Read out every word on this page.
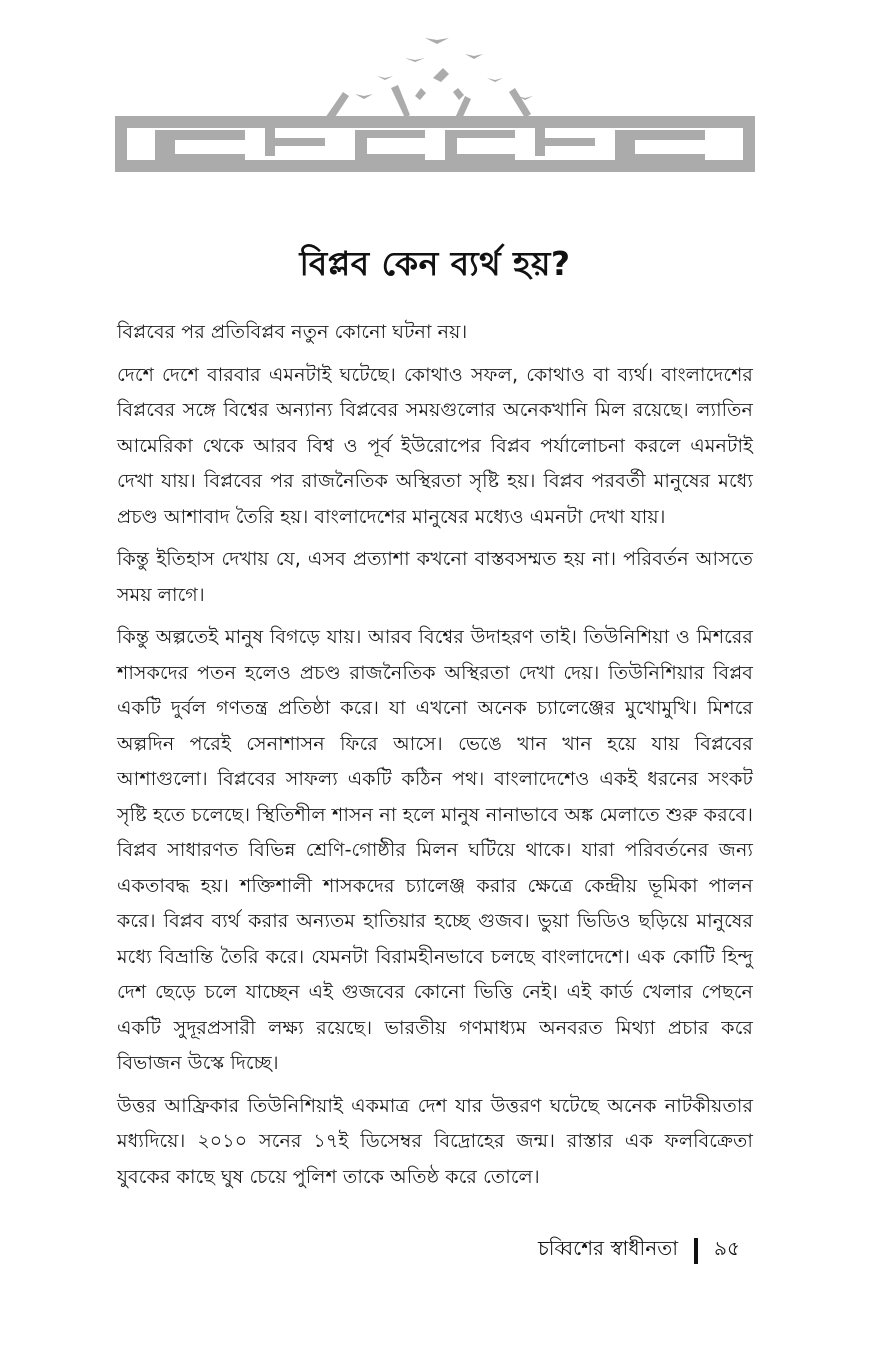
বিপ্লব কেন ব্যর্থ হয়?

বিপ্লবের পর প্রতিবিপ্লব নতুন কোনো ঘটনা নয়।

দেশে দেশে বারবার এমনটাই ঘটেছে। কোথাও সফল, কোথাও বা ব্যর্থ। বাংলাদেশের বিপ্লবের সঙ্গে বিশ্বের অন্যান্য বিপ্লবের সময়গুলোর অনেকখানি মিল রয়েছে। ল্যাতিন আমেরিকা থেকে আরব বিশ্ব ও পূর্ব ইউরোপের বিপ্লব পর্যালোচনা করলে এমনটাই দেখা যায়। বিপ্লবের পর রাজনৈতিক অস্থিরতা সৃষ্টি হয়। বিপ্লব পরবর্তী মানুষের মধ্যে প্রচণ্ড আশাবাদ তৈরি হয়। বাংলাদেশের মানুষের মধ্যেও এমনটা দেখা যায়।

কিন্তু ইতিহাস দেখায় যে, এসব প্রত্যাশা কখনো বাস্তবসম্মত হয় না। পরিবর্তন আসতে সময় লাগে।

কিন্তু অল্পতেই মানুষ বিগড়ে যায়। আরব বিশ্বের উদাহরণ তাই। তিউনিশিয়া ও মিশরের শাসকদের পতন হলেও প্রচণ্ড রাজনৈতিক অস্থিরতা দেখা দেয়। তিউনিশিয়ার বিপ্লব একটি দুর্বল গণতন্ত্র প্রতিষ্ঠা করে। যা এখনো অনেক চ্যালেঞ্জের মুখোমুখি। মিশরে অল্পদিন পরেই সেনাশাসন ফিরে আসে। ভেঙে খান খান হয়ে যায় বিপ্লবের আশাগুলো। বিপ্লবের সাফল্য একটি কঠিন পথ। বাংলাদেশেও একই ধরনের সংকট সৃষ্টি হতে চলেছে। স্থিতিশীল শাসন না হলে মানুষ নানাভাবে অঙ্ক মেলাতে শুরু করবে। বিপ্লব সাধারণত বিভিন্ন শ্রেণি-গোষ্ঠীর মিলন ঘটিয়ে থাকে। যারা পরিবর্তনের জন্য একতাবদ্ধ হয়। শক্তিশালী শাসকদের চ্যালেঞ্জ করার ক্ষেত্রে কেন্দ্রীয় ভূমিকা পালন করে। বিপ্লব ব্যর্থ করার অন্যতম হাতিয়ার হচ্ছে গুজব। ভুয়া ভিডিও ছড়িয়ে মানুষের মধ্যে বিভ্রান্তি তৈরি করে। যেমনটা বিরামহীনভাবে চলছে বাংলাদেশে। এক কোটি হিন্দু দেশ ছেড়ে চলে যাচ্ছেন এই গুজবের কোনো ভিত্তি নেই। এই কার্ড খেলার পেছনে একটি সুদূরপ্রসারী লক্ষ্য রয়েছে। ভারতীয় গণমাধ্যম অনবরত মিথ্যা প্রচার করে বিভাজন উস্কে দিচ্ছে।

উত্তর আফ্রিকার তিউনিশিয়াই একমাত্র দেশ যার উত্তরণ ঘটেছে অনেক নাটকীয়তার মধ্যদিয়ে। ২০১০ সনের ১৭ই ডিসেম্বর বিদ্রোহের জন্ম। রাস্তার এক ফলবিক্রেতা যুবকের কাছে ঘুষ চেয়ে পুলিশ তাকে অতিষ্ঠ করে তোলে।

চব্বিশের স্বাধীনতা ৯৫
